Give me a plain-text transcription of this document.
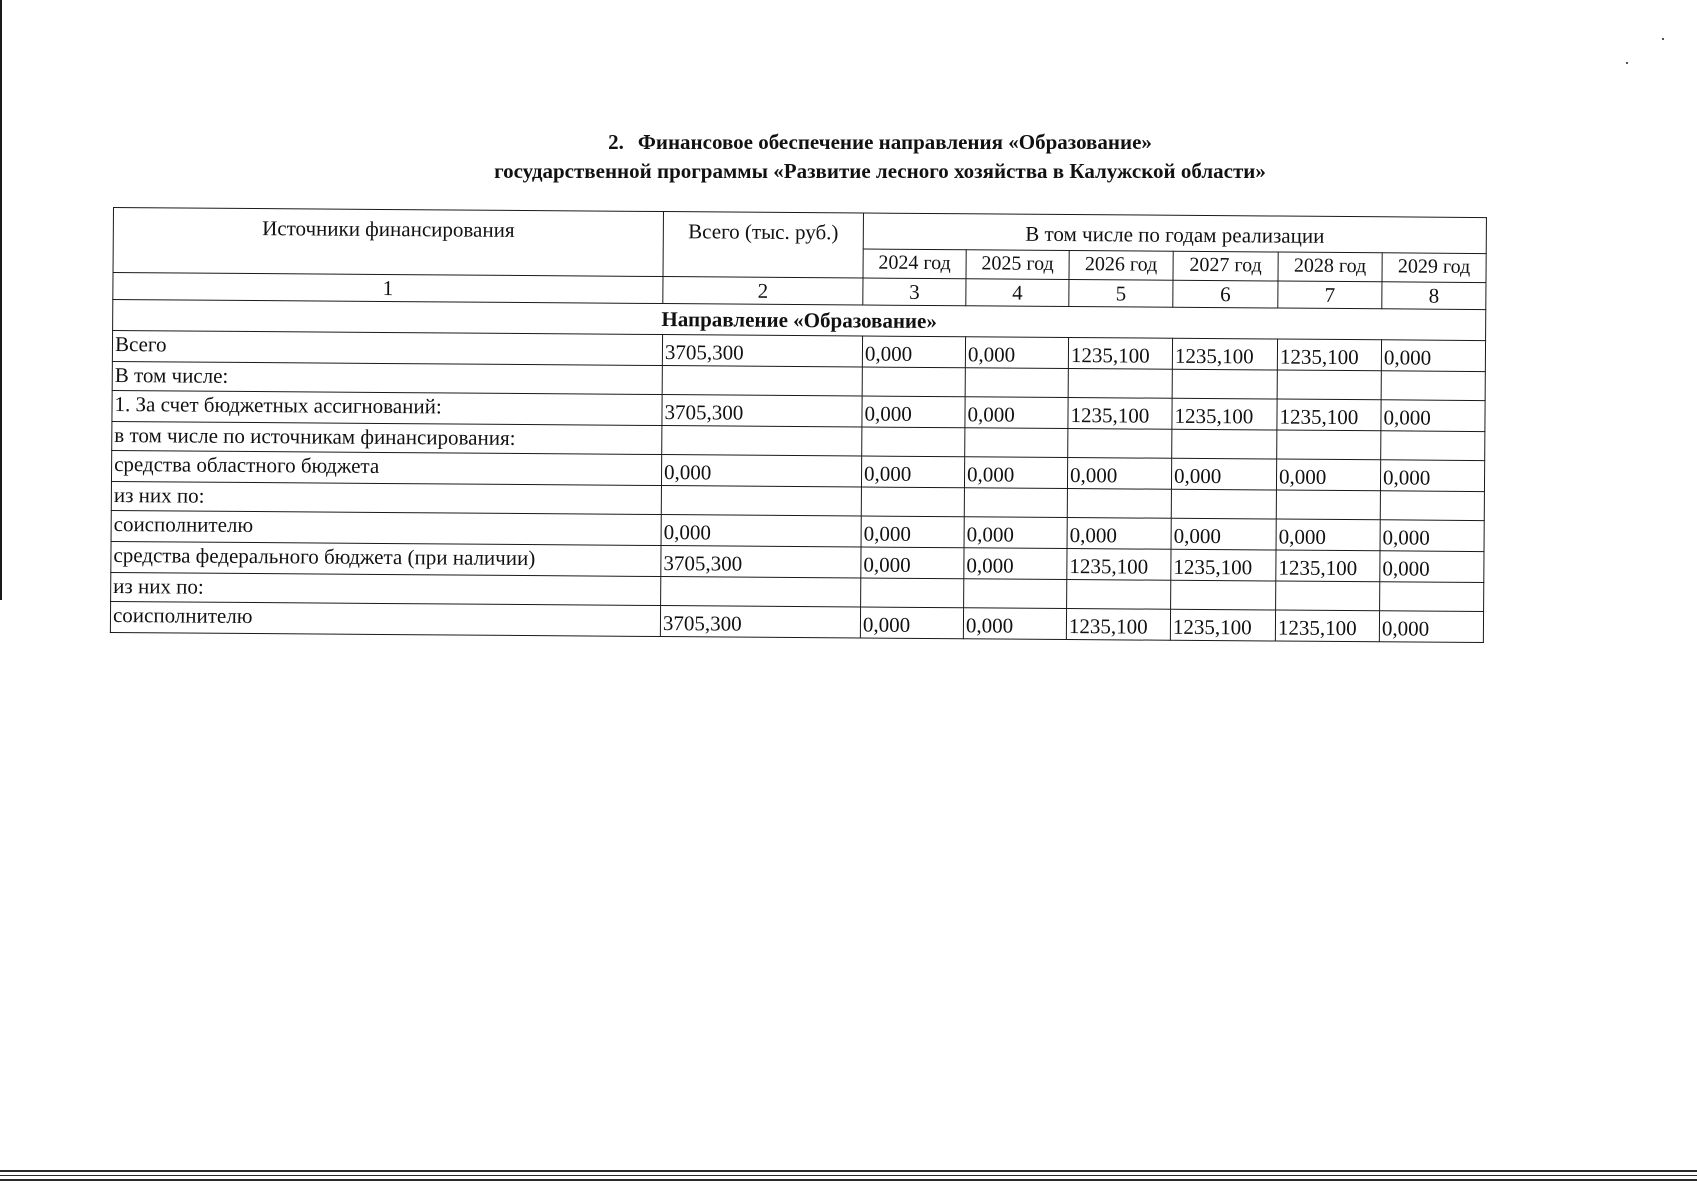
2. Финансовое обеспечение направления «Образование»
государственной программы «Развитие лесного хозяйства в Калужской области»
Источники финансирования	Всего (тыс. руб.)	В том числе по годам реализации					
		2024 год	2025 год	2026 год	2027 год	2028 год	2029 год
1	2	3	4	5	6	7	8
Направление «Образование»							
Всего	3705,300	0,000	0,000	1235,100	1235,100	1235,100	0,000
В том числе:							
1. За счет бюджетных ассигнований:	3705,300	0,000	0,000	1235,100	1235,100	1235,100	0,000
в том числе по источникам финансирования:							
средства областного бюджета	0,000	0,000	0,000	0,000	0,000	0,000	0,000
из них по:							
соисполнителю	0,000	0,000	0,000	0,000	0,000	0,000	0,000
средства федерального бюджета (при наличии)	3705,300	0,000	0,000	1235,100	1235,100	1235,100	0,000
из них по:							
соисполнителю	3705,300	0,000	0,000	1235,100	1235,100	1235,100	0,000
